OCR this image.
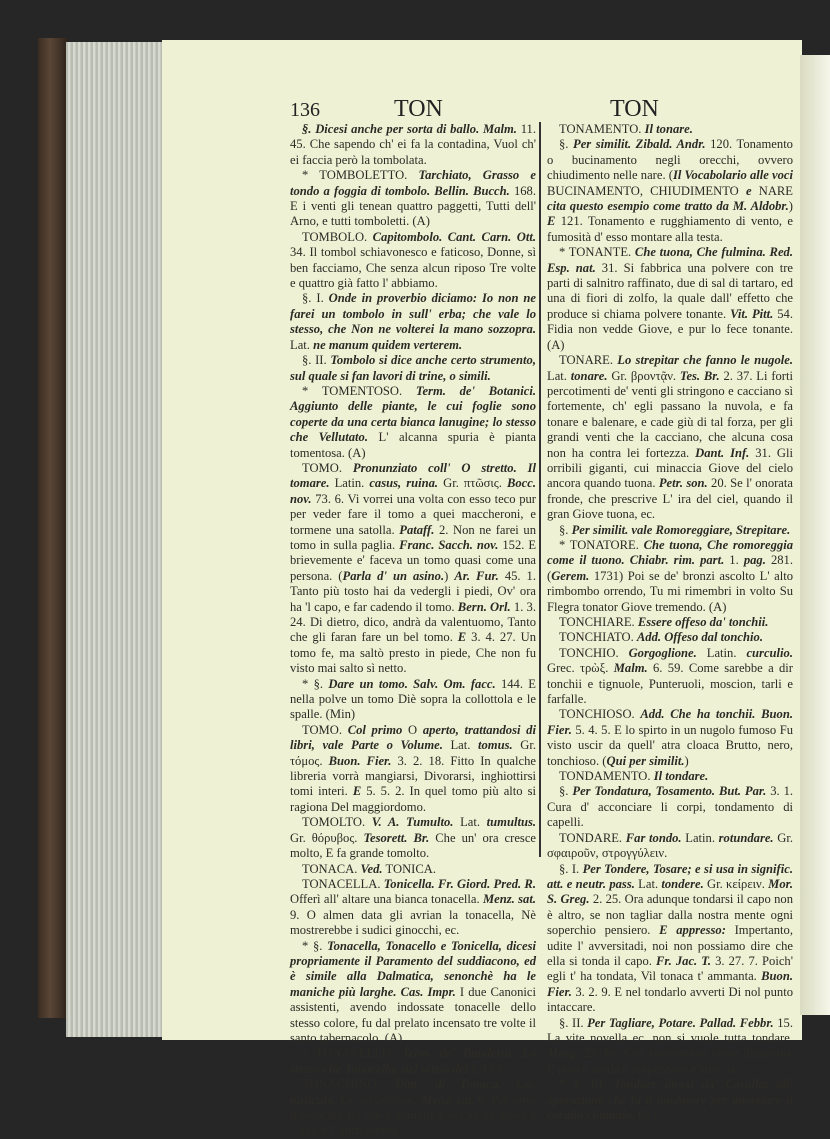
136	TON	TON

§. Dicesi anche per sorta di ballo. Malm. 11. 45. Che sapendo ch' ei fa la contadina, Vuol ch' ei faccia però la tombolata.

* TOMBOLETTO. Tarchiato, Grasso e tondo a foggia di tombolo. Bellin. Bucch. 168. E i venti gli tenean quattro paggetti, Tutti dell' Arno, e tutti tomboletti. (A)

TOMBOLO. Capitombolo. Cant. Carn. Ott. 34. Il tombol schiavonesco e faticoso, Donne, sì ben facciamo, Che senza alcun riposo Tre volte e quattro già fatto l' abbiamo.

§. I. Onde in proverbio diciamo: Io non ne farei un tombolo in sull' erba; che vale lo stesso, che Non ne volterei la mano sozzopra. Lat. ne manum quidem verterem.

§. II. Tombolo si dice anche certo strumento, sul quale si fan lavori di trine, o simili.

* TOMENTOSO. Term. de' Botanici. Aggiunto delle piante, le cui foglie sono coperte da una certa bianca lanugine; lo stesso che Vellutato. L' alcanna spuria è pianta tomentosa. (A)

TOMO. Pronunziato coll' O stretto. Il tomare. Latin. casus, ruina. Gr. πτῶσις. Bocc. nov. 73. 6. Vi vorrei una volta con esso teco pur per veder fare il tomo a quei maccheroni, e tormene una satolla. Pataff. 2. Non ne farei un tomo in sulla paglia. Franc. Sacch. nov. 152. E brievemente e' faceva un tomo quasi come una persona. (Parla d' un asino.) Ar. Fur. 45. 1. Tanto più tosto hai da vedergli i piedi, Ov' ora ha 'l capo, e far cadendo il tomo. Bern. Orl. 1. 3. 24. Di dietro, dico, andrà da valentuomo, Tanto che gli faran fare un bel tomo. E 3. 4. 27. Un tomo fe, ma saltò presto in piede, Che non fu visto mai salto sì netto.

* §. Dare un tomo. Salv. Om. facc. 144. E nella polve un tomo Diè sopra la collottola e le spalle. (Min)

TOMO. Col primo O aperto, trattandosi di libri, vale Parte o Volume. Lat. tomus. Gr. τόμος. Buon. Fier. 3. 2. 18. Fitto In qualche libreria vorrà mangiarsi, Divorarsi, inghiottirsi tomi interi. E 5. 5. 2. In quel tomo più alto si ragiona Del maggiordomo.

TOMOLTO. V. A. Tumulto. Lat. tumultus. Gr. θόρυβος. Tesorett. Br. Che un' ora cresce molto, E fa grande tomolto.

TONACA. Ved. TONICA.

TONACELLA. Tonicella. Fr. Giord. Pred. R. Offerì all' altare una bianca tonacella. Menz. sat. 9. O almen data gli avrian la tonacella, Nè mostrerebbe i sudici ginocchi, ec.

* §. Tonacella, Tonacello e Tonicella, dicesi propriamente il Paramento del suddiacono, ed è simile alla Dalmatica, senonchè ha le maniche più larghe. Cas. Impr. I due Canonici assistenti, avendo indossate tonacelle dello stesso colore, fu dal prelato incensato tre volte il santo tabernacolo. (A)

* TONACELLO. Term. de' Banderai. Lo stesso che Tonacella, nel senso del §. (A)

TONACHINO. Dim. di Tonaca. Lat. tunicula. Gr. χιτωνίσκος. Menz. sat. 6. Pur sotto il tonachin fia che s' appiatte Ciò che lor grava e l' uno e l' altro lombo.

TONAMENTO. Il tonare.

§. Per similit. Zibald. Andr. 120. Tonamento o bucinamento negli orecchi, ovvero chiudimento nelle nare. (Il Vocabolario alle voci BUCINAMENTO, CHIUDIMENTO e NARE cita questo esempio come tratto da M. Aldobr.) E 121. Tonamento e rugghiamento di vento, e fumosità d' esso montare alla testa.

* TONANTE. Che tuona, Che fulmina. Red. Esp. nat. 31. Si fabbrica una polvere con tre parti di salnitro raffinato, due di sal di tartaro, ed una di fiori di zolfo, la quale dall' effetto che produce si chiama polvere tonante. Vit. Pitt. 54. Fidia non vedde Giove, e pur lo fece tonante. (A)

TONARE. Lo strepitar che fanno le nugole. Lat. tonare. Gr. βροντᾷν. Tes. Br. 2. 37. Li forti percotimenti de' venti gli stringono e cacciano sì fortemente, ch' egli passano la nuvola, e fa tonare e balenare, e cade giù di tal forza, per gli grandi venti che la cacciano, che alcuna cosa non ha contra lei fortezza. Dant. Inf. 31. Gli orribili giganti, cui minaccia Giove del cielo ancora quando tuona. Petr. son. 20. Se l' onorata fronde, che prescrive L' ira del ciel, quando il gran Giove tuona, ec.

§. Per similit. vale Romoreggiare, Strepitare.

* TONATORE. Che tuona, Che romoreggia come il tuono. Chiabr. rim. part. 1. pag. 281. (Gerem. 1731) Poi se de' bronzi ascolto L' alto rimbombo orrendo, Tu mi rimembri in volto Su Flegra tonator Giove tremendo. (A)

TONCHIARE. Essere offeso da' tonchii.

TONCHIATO. Add. Offeso dal tonchio.

TONCHIO. Gorgoglione. Latin. curculio. Grec. τρὼξ. Malm. 6. 59. Come sarebbe a dir tonchii e tignuole, Punteruoli, moscion, tarli e farfalle.

TONCHIOSO. Add. Che ha tonchii. Buon. Fier. 5. 4. 5. E lo spirto in un nugolo fumoso Fu visto uscir da quell' atra cloaca Brutto, nero, tonchioso. (Qui per similit.)

TONDAMENTO. Il tondare.

§. Per Tondatura, Tosamento. But. Par. 3. 1. Cura d' acconciare li corpi, tondamento di capelli.

TONDARE. Far tondo. Latin. rotundare. Gr. σφαιροῦν, στρογγύλειν.

§. I. Per Tondere, Tosare; e si usa in signific. att. e neutr. pass. Lat. tondere. Gr. κείρειν. Mor. S. Greg. 2. 25. Ora adunque tondarsi il capo non è altro, se non tagliar dalla nostra mente ogni soperchio pensiero. E appresso: Impertanto, udite l' avversitadi, noi non possiamo dire che ella si tonda il capo. Fr. Jac. T. 3. 27. 7. Poich' egli t' ha tondata, Vil tonaca t' ammanta. Buon. Fier. 3. 2. 9. E nel tondarlo avverti Di nol punto intaccare.

§. II. Per Tagliare, Potare. Pallad. Febbr. 15. La vite novella ec. non si vuole tutta tondare. Morg. 27. 66. Che combatteva come disperato, E pota e tonda e scapezzava e stralcia.

* §. III. Tondare dicesi da' Corallai all' operazione che fa il tondatore per attondare il corallo chianato. (A)
